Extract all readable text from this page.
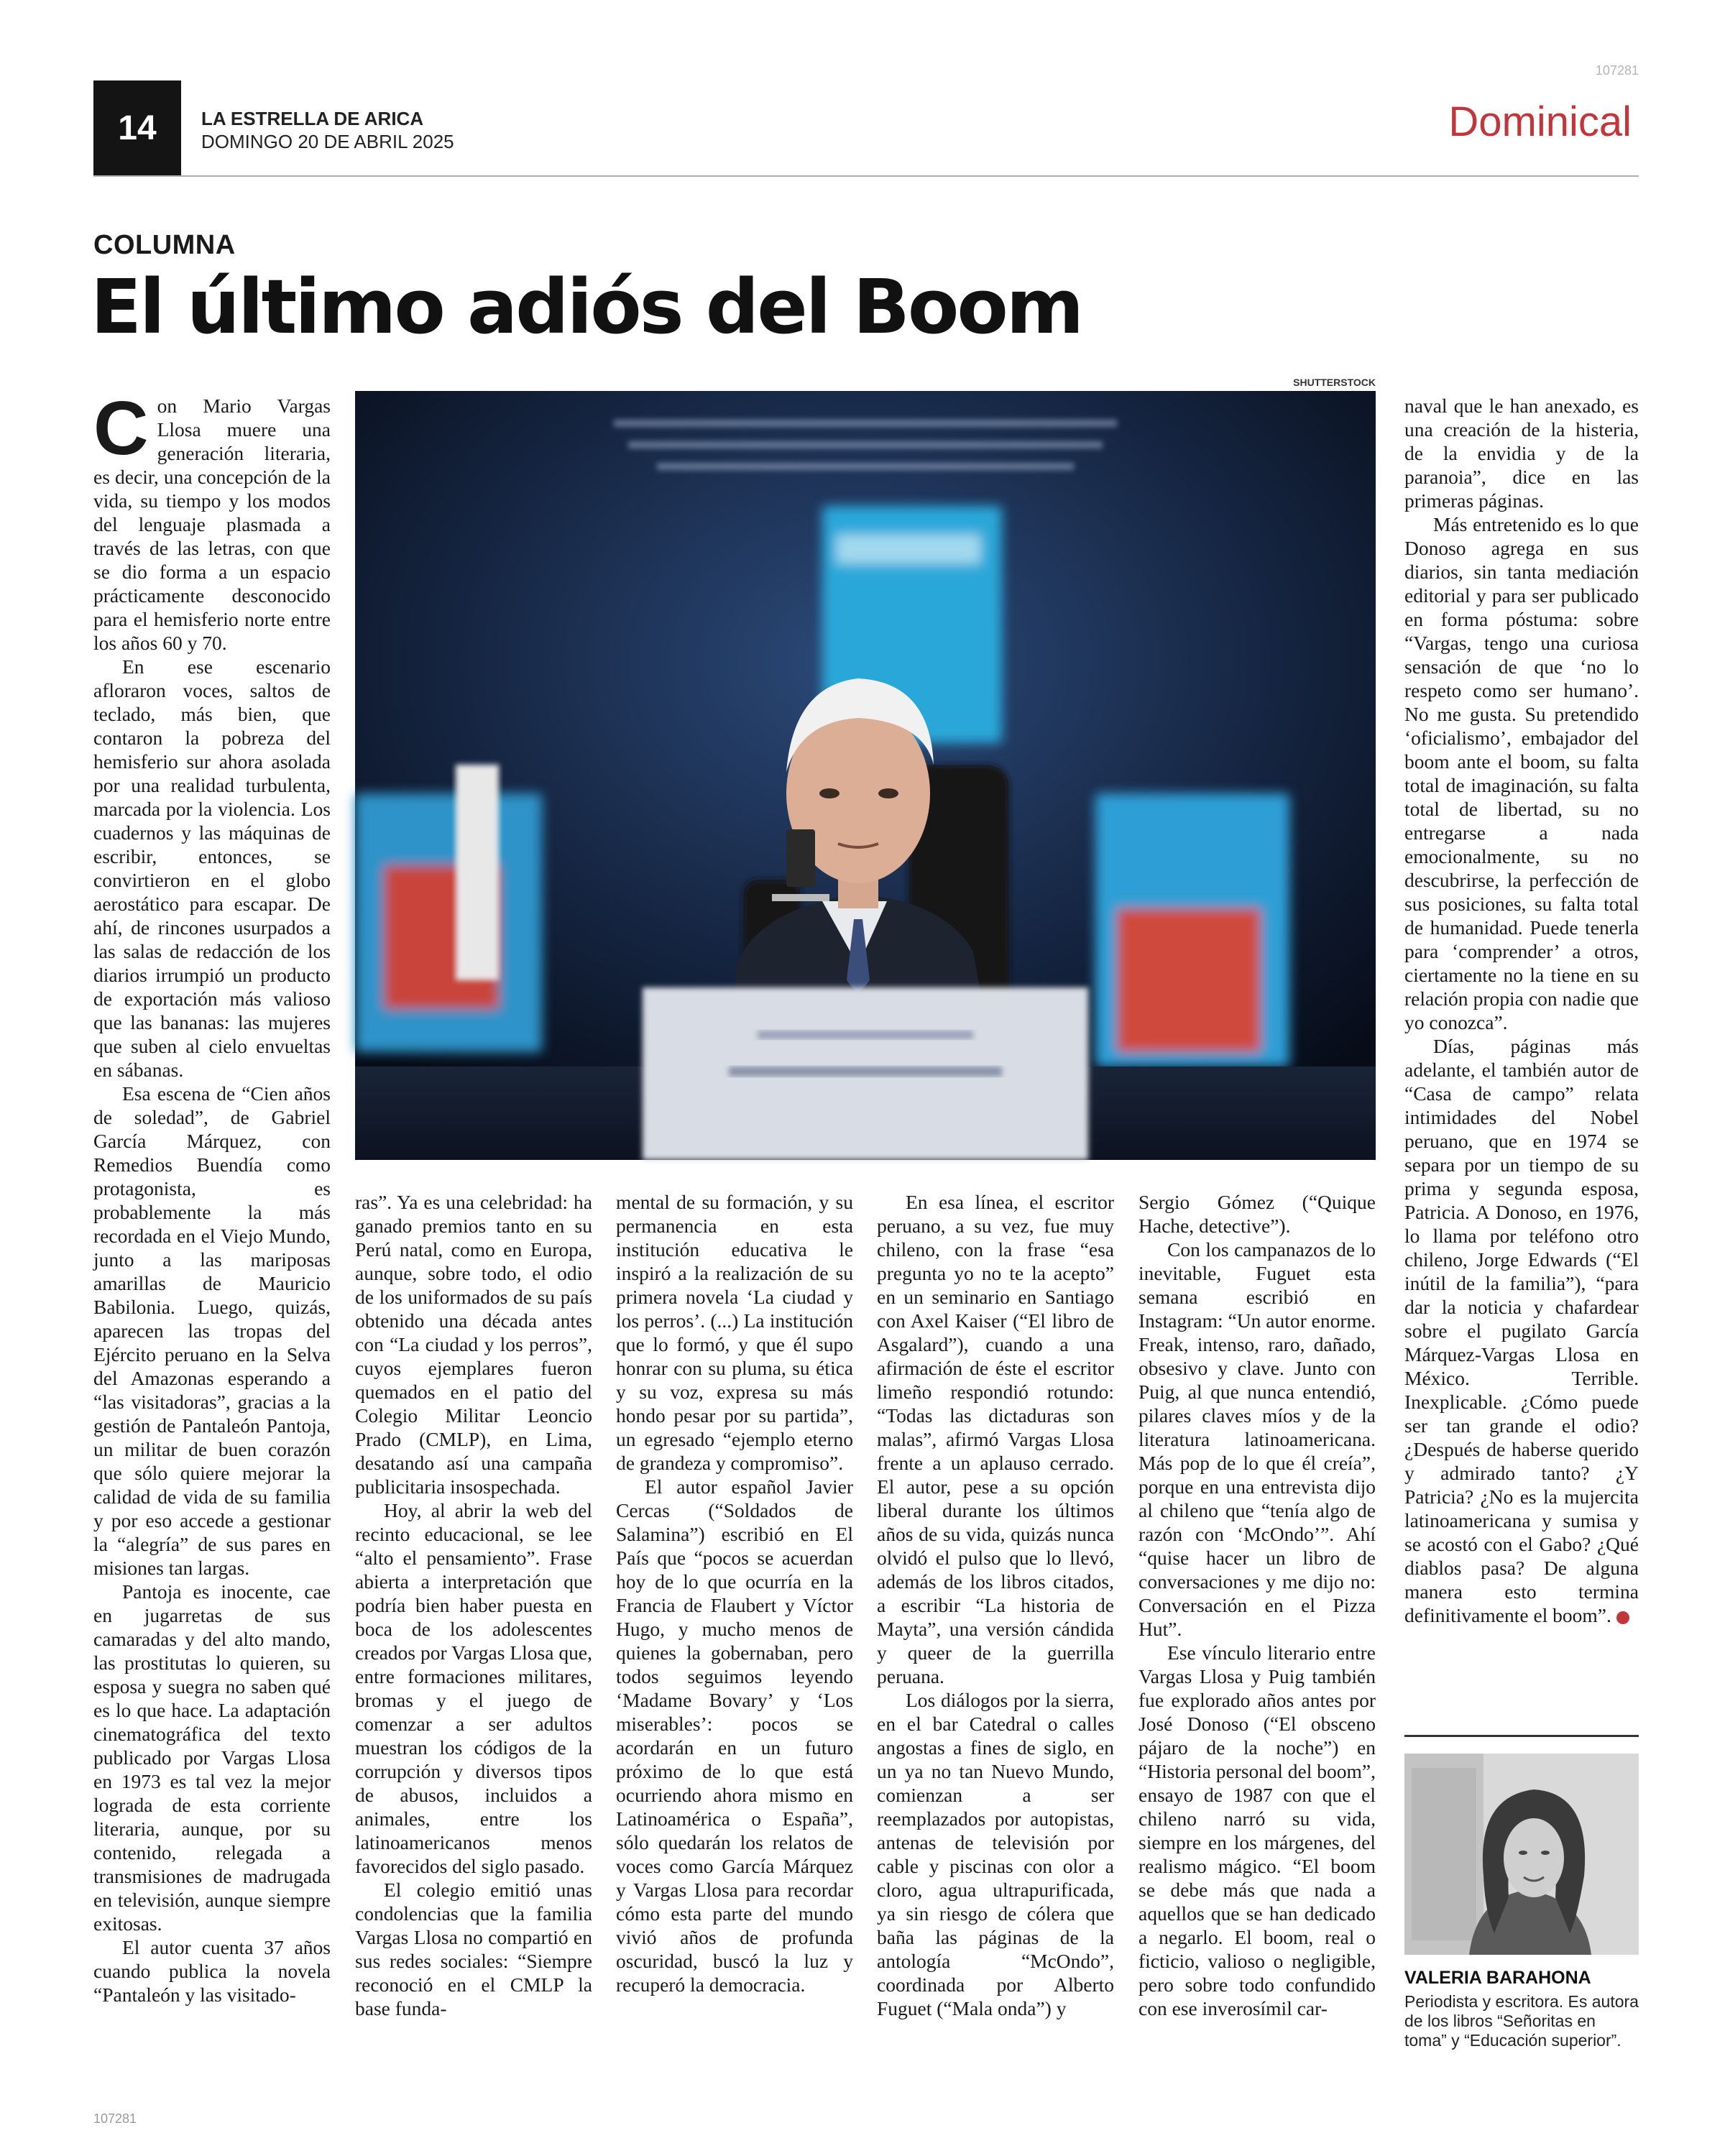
107281
14	LA ESTRELLA DE ARICA
DOMINGO 20 DE ABRIL 2025	Dominical
COLUMNA
El último adiós del Boom
SHUTTERSTOCK
C on Mario Vargas Llosa muere una generación literaria, es decir, una concepción de la vida, su tiempo y los modos del lenguaje plasmada a través de las letras, con que se dio forma a un espacio prácticamente desconocido para el hemisferio norte entre los años 60 y 70.

En ese escenario afloraron voces, saltos de teclado, más bien, que contaron la pobreza del hemisferio sur ahora asolada por una realidad turbulenta, marcada por la violencia. Los cuadernos y las máquinas de escribir, entonces, se convirtieron en el globo aerostático para escapar. De ahí, de rincones usurpados a las salas de redacción de los diarios irrumpió un producto de exportación más valioso que las bananas: las mujeres que suben al cielo envueltas en sábanas.

Esa escena de “Cien años de soledad”, de Gabriel García Márquez, con Remedios Buendía como protagonista, es probablemente la más recordada en el Viejo Mundo, junto a las mariposas amarillas de Mauricio Babilonia. Luego, quizás, aparecen las tropas del Ejército peruano en la Selva del Amazonas esperando a “las visitadoras”, gracias a la gestión de Pantaleón Pantoja, un militar de buen corazón que sólo quiere mejorar la calidad de vida de su familia y por eso accede a gestionar la “alegría” de sus pares en misiones tan largas.

Pantoja es inocente, cae en jugarretas de sus camaradas y del alto mando, las prostitutas lo quieren, su esposa y suegra no saben qué es lo que hace. La adaptación cinematográfica del texto publicado por Vargas Llosa en 1973 es tal vez la mejor lograda de esta corriente literaria, aunque, por su contenido, relegada a transmisiones de madrugada en televisión, aunque siempre exitosas.

El autor cuenta 37 años cuando publica la novela “Pantaleón y las visitado-

ras”. Ya es una celebridad: ha ganado premios tanto en su Perú natal, como en Europa, aunque, sobre todo, el odio de los uniformados de su país obtenido una década antes con “La ciudad y los perros”, cuyos ejemplares fueron quemados en el patio del Colegio Militar Leoncio Prado (CMLP), en Lima, desatando así una campaña publicitaria insospechada.

Hoy, al abrir la web del recinto educacional, se lee “alto el pensamiento”. Frase abierta a interpretación que podría bien haber puesta en boca de los adolescentes creados por Vargas Llosa que, entre formaciones militares, bromas y el juego de comenzar a ser adultos muestran los códigos de la corrupción y diversos tipos de abusos, incluidos a animales, entre los latinoamericanos menos favorecidos del siglo pasado.

El colegio emitió unas condolencias que la familia Vargas Llosa no compartió en sus redes sociales: “Siempre reconoció en el CMLP la base funda-

mental de su formación, y su permanencia en esta institución educativa le inspiró a la realización de su primera novela ‘La ciudad y los perros’. (...) La institución que lo formó, y que él supo honrar con su pluma, su ética y su voz, expresa su más hondo pesar por su partida”, un egresado “ejemplo eterno de grandeza y compromiso”.

El autor español Javier Cercas (“Soldados de Salamina”) escribió en El País que “pocos se acuerdan hoy de lo que ocurría en la Francia de Flaubert y Víctor Hugo, y mucho menos de quienes la gobernaban, pero todos seguimos leyendo ‘Madame Bovary’ y ‘Los miserables’: pocos se acordarán en un futuro próximo de lo que está ocurriendo ahora mismo en Latinoamérica o España”, sólo quedarán los relatos de voces como García Márquez y Vargas Llosa para recordar cómo esta parte del mundo vivió años de profunda oscuridad, buscó la luz y recuperó la democracia.

En esa línea, el escritor peruano, a su vez, fue muy chileno, con la frase “esa pregunta yo no te la acepto” en un seminario en Santiago con Axel Kaiser (“El libro de Asgalard”), cuando a una afirmación de éste el escritor limeño respondió rotundo: “Todas las dictaduras son malas”, afirmó Vargas Llosa frente a un aplauso cerrado. El autor, pese a su opción liberal durante los últimos años de su vida, quizás nunca olvidó el pulso que lo llevó, además de los libros citados, a escribir “La historia de Mayta”, una versión cándida y queer de la guerrilla peruana.

Los diálogos por la sierra, en el bar Catedral o calles angostas a fines de siglo, en un ya no tan Nuevo Mundo, comienzan a ser reemplazados por autopistas, antenas de televisión por cable y piscinas con olor a cloro, agua ultrapurificada, ya sin riesgo de cólera que baña las páginas de la antología “McOndo”, coordinada por Alberto Fuguet (“Mala onda”) y

Sergio Gómez (“Quique Hache, detective”).

Con los campanazos de lo inevitable, Fuguet esta semana escribió en Instagram: “Un autor enorme. Freak, intenso, raro, dañado, obsesivo y clave. Junto con Puig, al que nunca entendió, pilares claves míos y de la literatura latinoamericana. Más pop de lo que él creía”, porque en una entrevista dijo al chileno que “tenía algo de razón con ‘McOndo’”. Ahí “quise hacer un libro de conversaciones y me dijo no: Conversación en el Pizza Hut”.

Ese vínculo literario entre Vargas Llosa y Puig también fue explorado años antes por José Donoso (“El obsceno pájaro de la noche”) en “Historia personal del boom”, ensayo de 1987 con que el chileno narró su vida, siempre en los márgenes, del realismo mágico. “El boom se debe más que nada a aquellos que se han dedicado a negarlo. El boom, real o ficticio, valioso o negligible, pero sobre todo confundido con ese inverosímil car-

naval que le han anexado, es una creación de la histeria, de la envidia y de la paranoia”, dice en las primeras páginas.

Más entretenido es lo que Donoso agrega en sus diarios, sin tanta mediación editorial y para ser publicado en forma póstuma: sobre “Vargas, tengo una curiosa sensación de que ‘no lo respeto como ser humano’. No me gusta. Su pretendido ‘oficialismo’, embajador del boom ante el boom, su falta total de imaginación, su falta total de libertad, su no entregarse a nada emocionalmente, su no descubrirse, la perfección de sus posiciones, su falta total de humanidad. Puede tenerla para ‘comprender’ a otros, ciertamente no la tiene en su relación propia con nadie que yo conozca”.

Días, páginas más adelante, el también autor de “Casa de campo” relata intimidades del Nobel peruano, que en 1974 se separa por un tiempo de su prima y segunda esposa, Patricia. A Donoso, en 1976, lo llama por teléfono otro chileno, Jorge Edwards (“El inútil de la familia”), “para dar la noticia y chafardear sobre el pugilato García Márquez-Vargas Llosa en México. Terrible. Inexplicable. ¿Cómo puede ser tan grande el odio? ¿Después de haberse querido y admirado tanto? ¿Y Patricia? ¿No es la mujercita latinoamericana y sumisa y se acostó con el Gabo? ¿Qué diablos pasa? De alguna manera esto termina definitivamente el boom”.	✕

VALERIA BARAHONA
Periodista y escritora. Es autora de los libros “Señoritas en toma” y “Educación superior”.
107281
